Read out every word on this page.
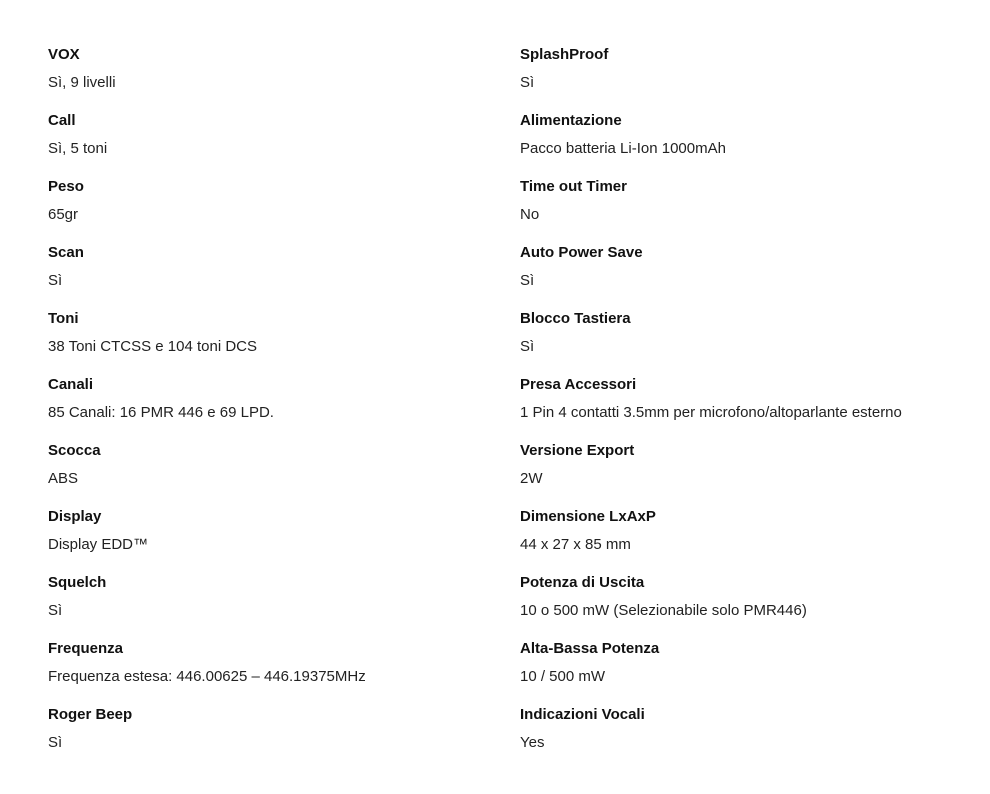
VOX
Sì, 9 livelli
Call
Sì, 5 toni
Peso
65gr
Scan
Sì
Toni
38 Toni CTCSS e 104 toni DCS
Canali
85 Canali: 16 PMR 446 e 69 LPD.
Scocca
ABS
Display
Display EDD™
Squelch
Sì
Frequenza
Frequenza estesa: 446.00625 – 446.19375MHz
Roger Beep
Sì
SplashProof
Sì
Alimentazione
Pacco batteria Li-Ion 1000mAh
Time out Timer
No
Auto Power Save
Sì
Blocco Tastiera
Sì
Presa Accessori
1 Pin 4 contatti 3.5mm per microfono/altoparlante esterno
Versione Export
2W
Dimensione LxAxP
44 x 27 x 85 mm
Potenza di Uscita
10 o 500 mW (Selezionabile solo PMR446)
Alta-Bassa Potenza
10 / 500 mW
Indicazioni Vocali
Yes
